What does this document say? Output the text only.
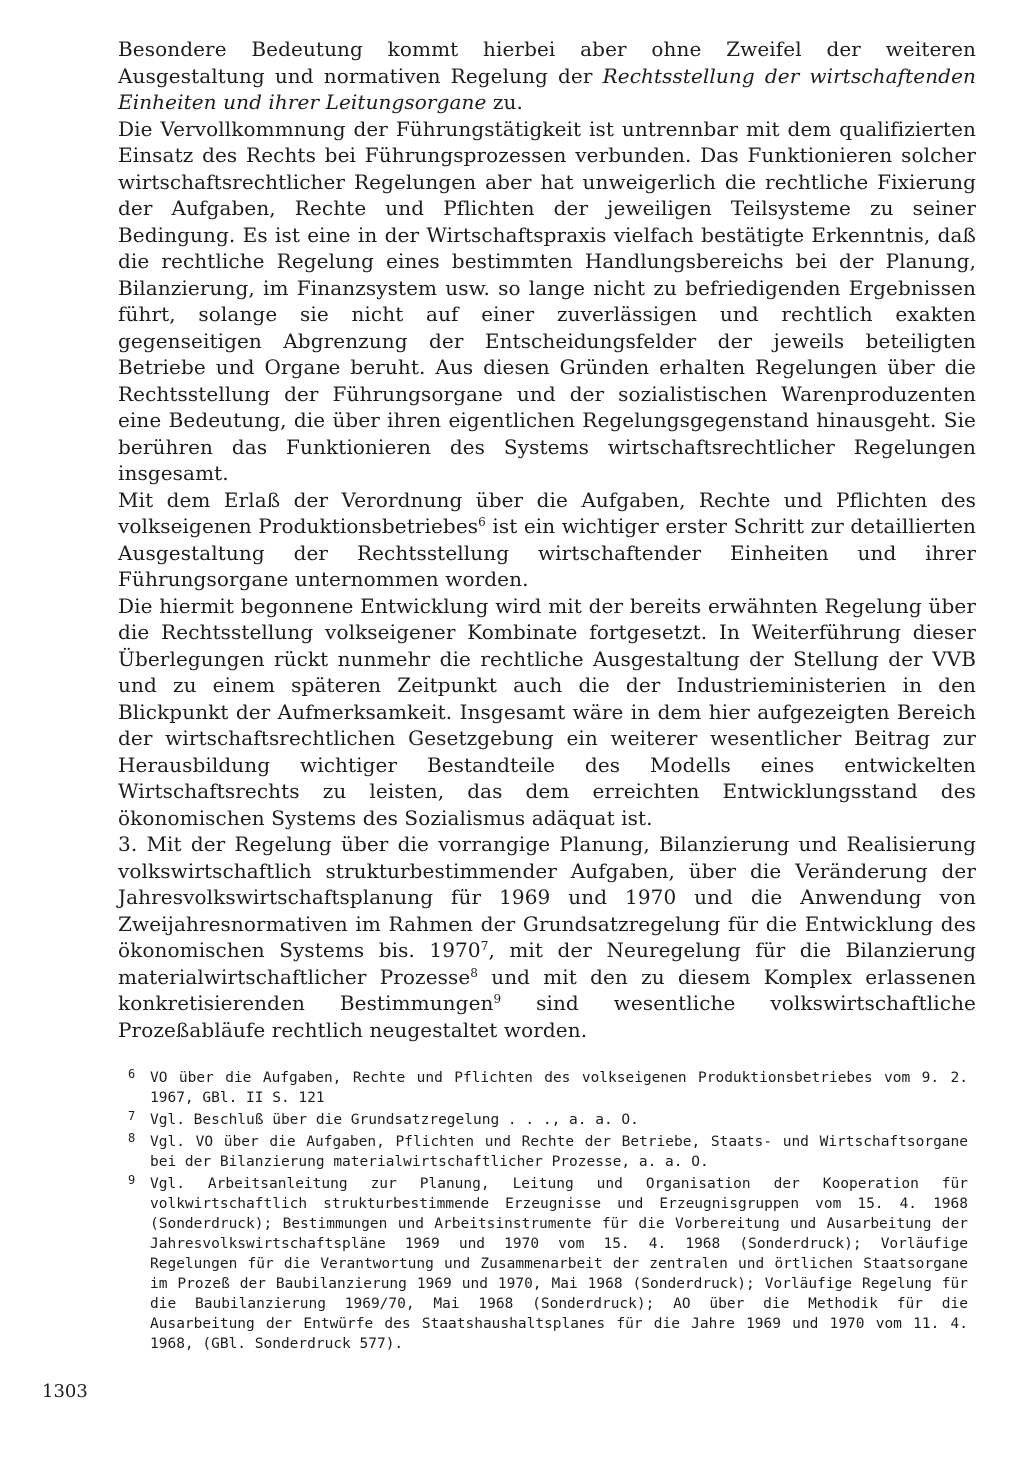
Besondere Bedeutung kommt hierbei aber ohne Zweifel der weiteren Ausgestaltung und normativen Regelung der Rechtsstellung der wirtschaftenden Einheiten und ihrer Leitungsorgane zu.

Die Vervollkommnung der Führungstätigkeit ist untrennbar mit dem qualifizierten Einsatz des Rechts bei Führungsprozessen verbunden. Das Funktionieren solcher wirtschaftsrechtlicher Regelungen aber hat unweigerlich die rechtliche Fixierung der Aufgaben, Rechte und Pflichten der jeweiligen Teilsysteme zu seiner Bedingung. Es ist eine in der Wirtschaftspraxis vielfach bestätigte Erkenntnis, daß die rechtliche Regelung eines bestimmten Handlungsbereichs bei der Planung, Bilanzierung, im Finanzsystem usw. so lange nicht zu befriedigenden Ergebnissen führt, solange sie nicht auf einer zuverlässigen und rechtlich exakten gegenseitigen Abgrenzung der Entscheidungsfelder der jeweils beteiligten Betriebe und Organe beruht. Aus diesen Gründen erhalten Regelungen über die Rechtsstellung der Führungsorgane und der sozialistischen Warenproduzenten eine Bedeutung, die über ihren eigentlichen Regelungsgegenstand hinausgeht. Sie berühren das Funktionieren des Systems wirtschaftsrechtlicher Regelungen insgesamt.

Mit dem Erlaß der Verordnung über die Aufgaben, Rechte und Pflichten des volkseigenen Produktionsbetriebes$^6$ ist ein wichtiger erster Schritt zur detaillierten Ausgestaltung der Rechtsstellung wirtschaftender Einheiten und ihrer Führungsorgane unternommen worden.

Die hiermit begonnene Entwicklung wird mit der bereits erwähnten Regelung über die Rechtsstellung volkseigener Kombinate fortgesetzt. In Weiterführung dieser Überlegungen rückt nunmehr die rechtliche Ausgestaltung der Stellung der VVB und zu einem späteren Zeitpunkt auch die der Industrieministerien in den Blickpunkt der Aufmerksamkeit. Insgesamt wäre in dem hier aufgezeigten Bereich der wirtschaftsrechtlichen Gesetzgebung ein weiterer wesentlicher Beitrag zur Herausbildung wichtiger Bestandteile des Modells eines entwickelten Wirtschaftsrechts zu leisten, das dem erreichten Entwicklungsstand des ökonomischen Systems des Sozialismus adäquat ist.

3. Mit der Regelung über die vorrangige Planung, Bilanzierung und Realisierung volkswirtschaftlich strukturbestimmender Aufgaben, über die Veränderung der Jahresvolkswirtschaftsplanung für 1969 und 1970 und die Anwendung von Zweijahresnormativen im Rahmen der Grundsatzregelung für die Entwicklung des ökonomischen Systems bis. 1970$^7$, mit der Neuregelung für die Bilanzierung materialwirtschaftlicher Prozesse$^8$ und mit den zu diesem Komplex erlassenen konkretisierenden Bestimmungen$^9$ sind wesentliche volkswirtschaftliche Prozeßabläufe rechtlich neugestaltet worden.

6 VO über die Aufgaben, Rechte und Pflichten des volkseigenen Produktionsbetriebes vom 9. 2. 1967, GBl. II S. 121
7 Vgl. Beschluß über die Grundsatzregelung . . ., a. a. O.
8 Vgl. VO über die Aufgaben, Pflichten und Rechte der Betriebe, Staats- und Wirtschaftsorgane bei der Bilanzierung materialwirtschaftlicher Prozesse, a. a. O.
9 Vgl. Arbeitsanleitung zur Planung, Leitung und Organisation der Kooperation für volkwirtschaftlich strukturbestimmende Erzeugnisse und Erzeugnisgruppen vom 15. 4. 1968 (Sonderdruck); Bestimmungen und Arbeitsinstrumente für die Vorbereitung und Ausarbeitung der Jahresvolkswirtschaftspläne 1969 und 1970 vom 15. 4. 1968 (Sonderdruck); Vorläufige Regelungen für die Verantwortung und Zusammenarbeit der zentralen und örtlichen Staatsorgane im Prozeß der Baubilanzierung 1969 und 1970, Mai 1968 (Sonderdruck); Vorläufige Regelung für die Baubilanzierung 1969/70, Mai 1968 (Sonderdruck); AO über die Methodik für die Ausarbeitung der Entwürfe des Staatshaushaltsplanes für die Jahre 1969 und 1970 vom 11. 4. 1968, (GBl. Sonderdruck 577).
1303
